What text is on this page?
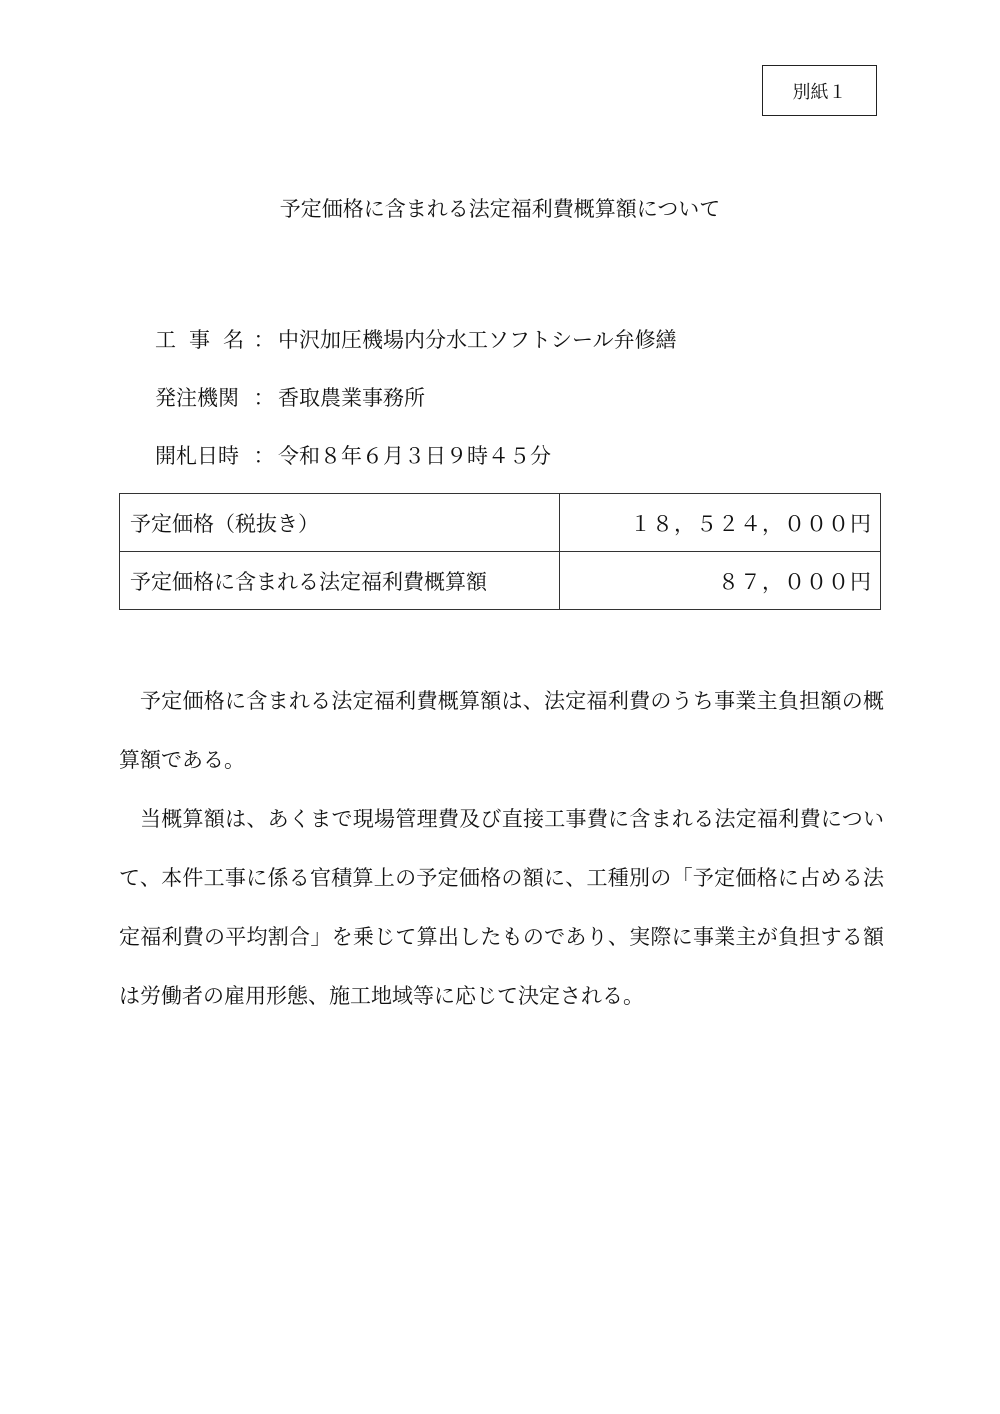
別紙１
予定価格に含まれる法定福利費概算額について
工事名
： 中沢加圧機場内分水工ソフトシール弁修繕
発注機関 ： 香取農業事務所
開札日時 ： 令和８年６月３日９時４５分
予定価格（税抜き）	１８，５２４，０００円
予定価格に含まれる法定福利費概算額	８７，０００円

予定価格に含まれる法定福利費概算額は、法定福利費のうち事業主負担額の概算額である。

当概算額は、あくまで現場管理費及び直接工事費に含まれる法定福利費について、本件工事に係る官積算上の予定価格の額に、工種別の「予定価格に占める法定福利費の平均割合」を乗じて算出したものであり、実際に事業主が負担する額は労働者の雇用形態、施工地域等に応じて決定される。
